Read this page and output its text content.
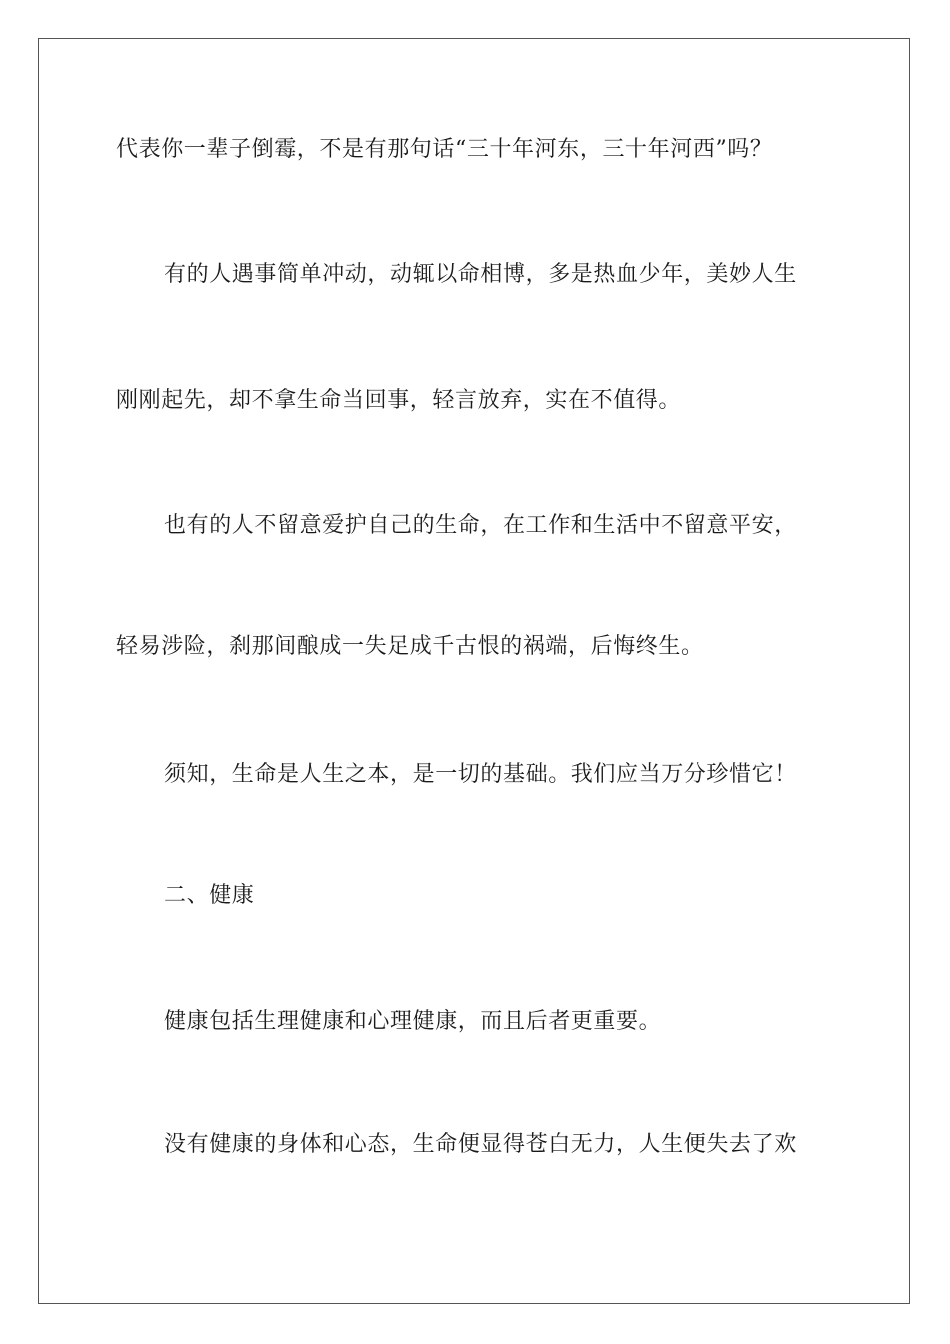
代表你一辈子倒霉，不是有那句话“三十年河东，三十年河西”吗？
有的人遇事简单冲动，动辄以命相博，多是热血少年，美妙人生
刚刚起先，却不拿生命当回事，轻言放弃，实在不值得。
也有的人不留意爱护自己的生命，在工作和生活中不留意平安，
轻易涉险，刹那间酿成一失足成千古恨的祸端，后悔终生。
须知，生命是人生之本，是一切的基础。我们应当万分珍惜它！
二、健康
健康包括生理健康和心理健康，而且后者更重要。
没有健康的身体和心态，生命便显得苍白无力，人生便失去了欢
